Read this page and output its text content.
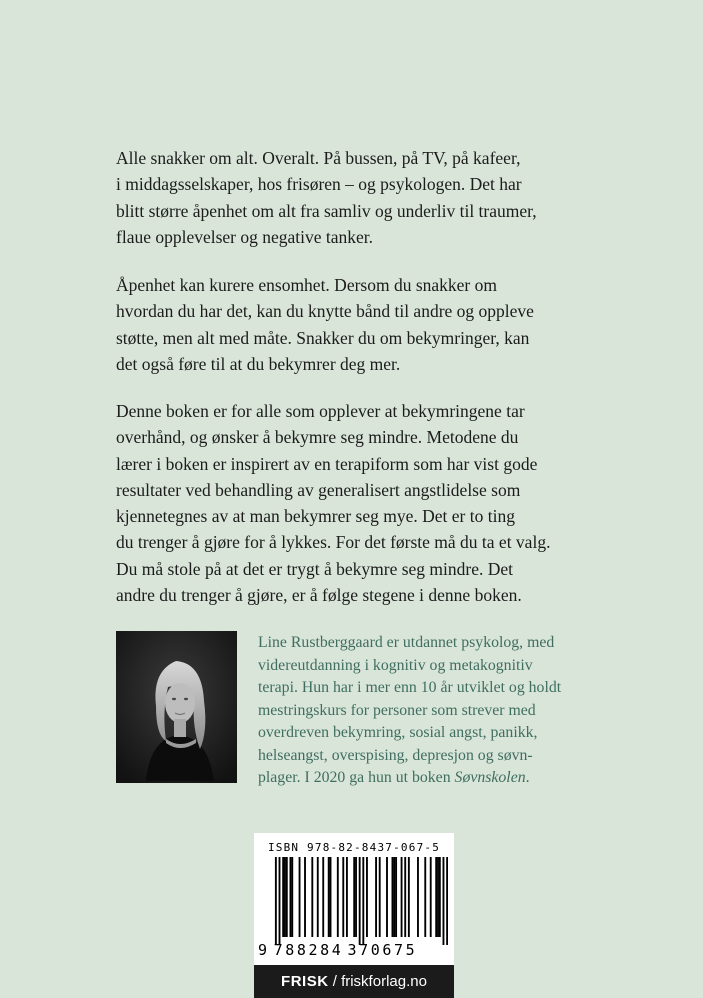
Alle snakker om alt. Overalt. På bussen, på TV, på kafeer,
i middagsselskaper, hos frisøren – og psykologen. Det har
blitt større åpenhet om alt fra samliv og underliv til traumer,
flaue opplevelser og negative tanker.

Åpenhet kan kurere ensomhet. Dersom du snakker om
hvordan du har det, kan du knytte bånd til andre og oppleve
støtte, men alt med måte. Snakker du om bekymringer, kan
det også føre til at du bekymrer deg mer.

Denne boken er for alle som opplever at bekymringene tar
overhånd, og ønsker å bekymre seg mindre. Metodene du
lærer i boken er inspirert av en terapiform som har vist gode
resultater ved behandling av generalisert angstlidelse som
kjennetegnes av at man bekymrer seg mye. Det er to ting
du trenger å gjøre for å lykkes. For det første må du ta et valg.
Du må stole på at det er trygt å bekymre seg mindre. Det
andre du trenger å gjøre, er å følge stegene i denne boken.

Line Rustberggaard er utdannet psykolog, med
videreutdanning i kognitiv og metakognitiv
terapi. Hun har i mer enn 10 år utviklet og holdt
mestringskurs for personer som strever med
overdreven bekymring, sosial angst, panikk,
helseangst, overspising, depresjon og søvn-
plager. I 2020 ga hun ut boken Søvnskolen.

ISBN 978-82-8437-067-5
9 788284 370675
FRISK / friskforlag.no
